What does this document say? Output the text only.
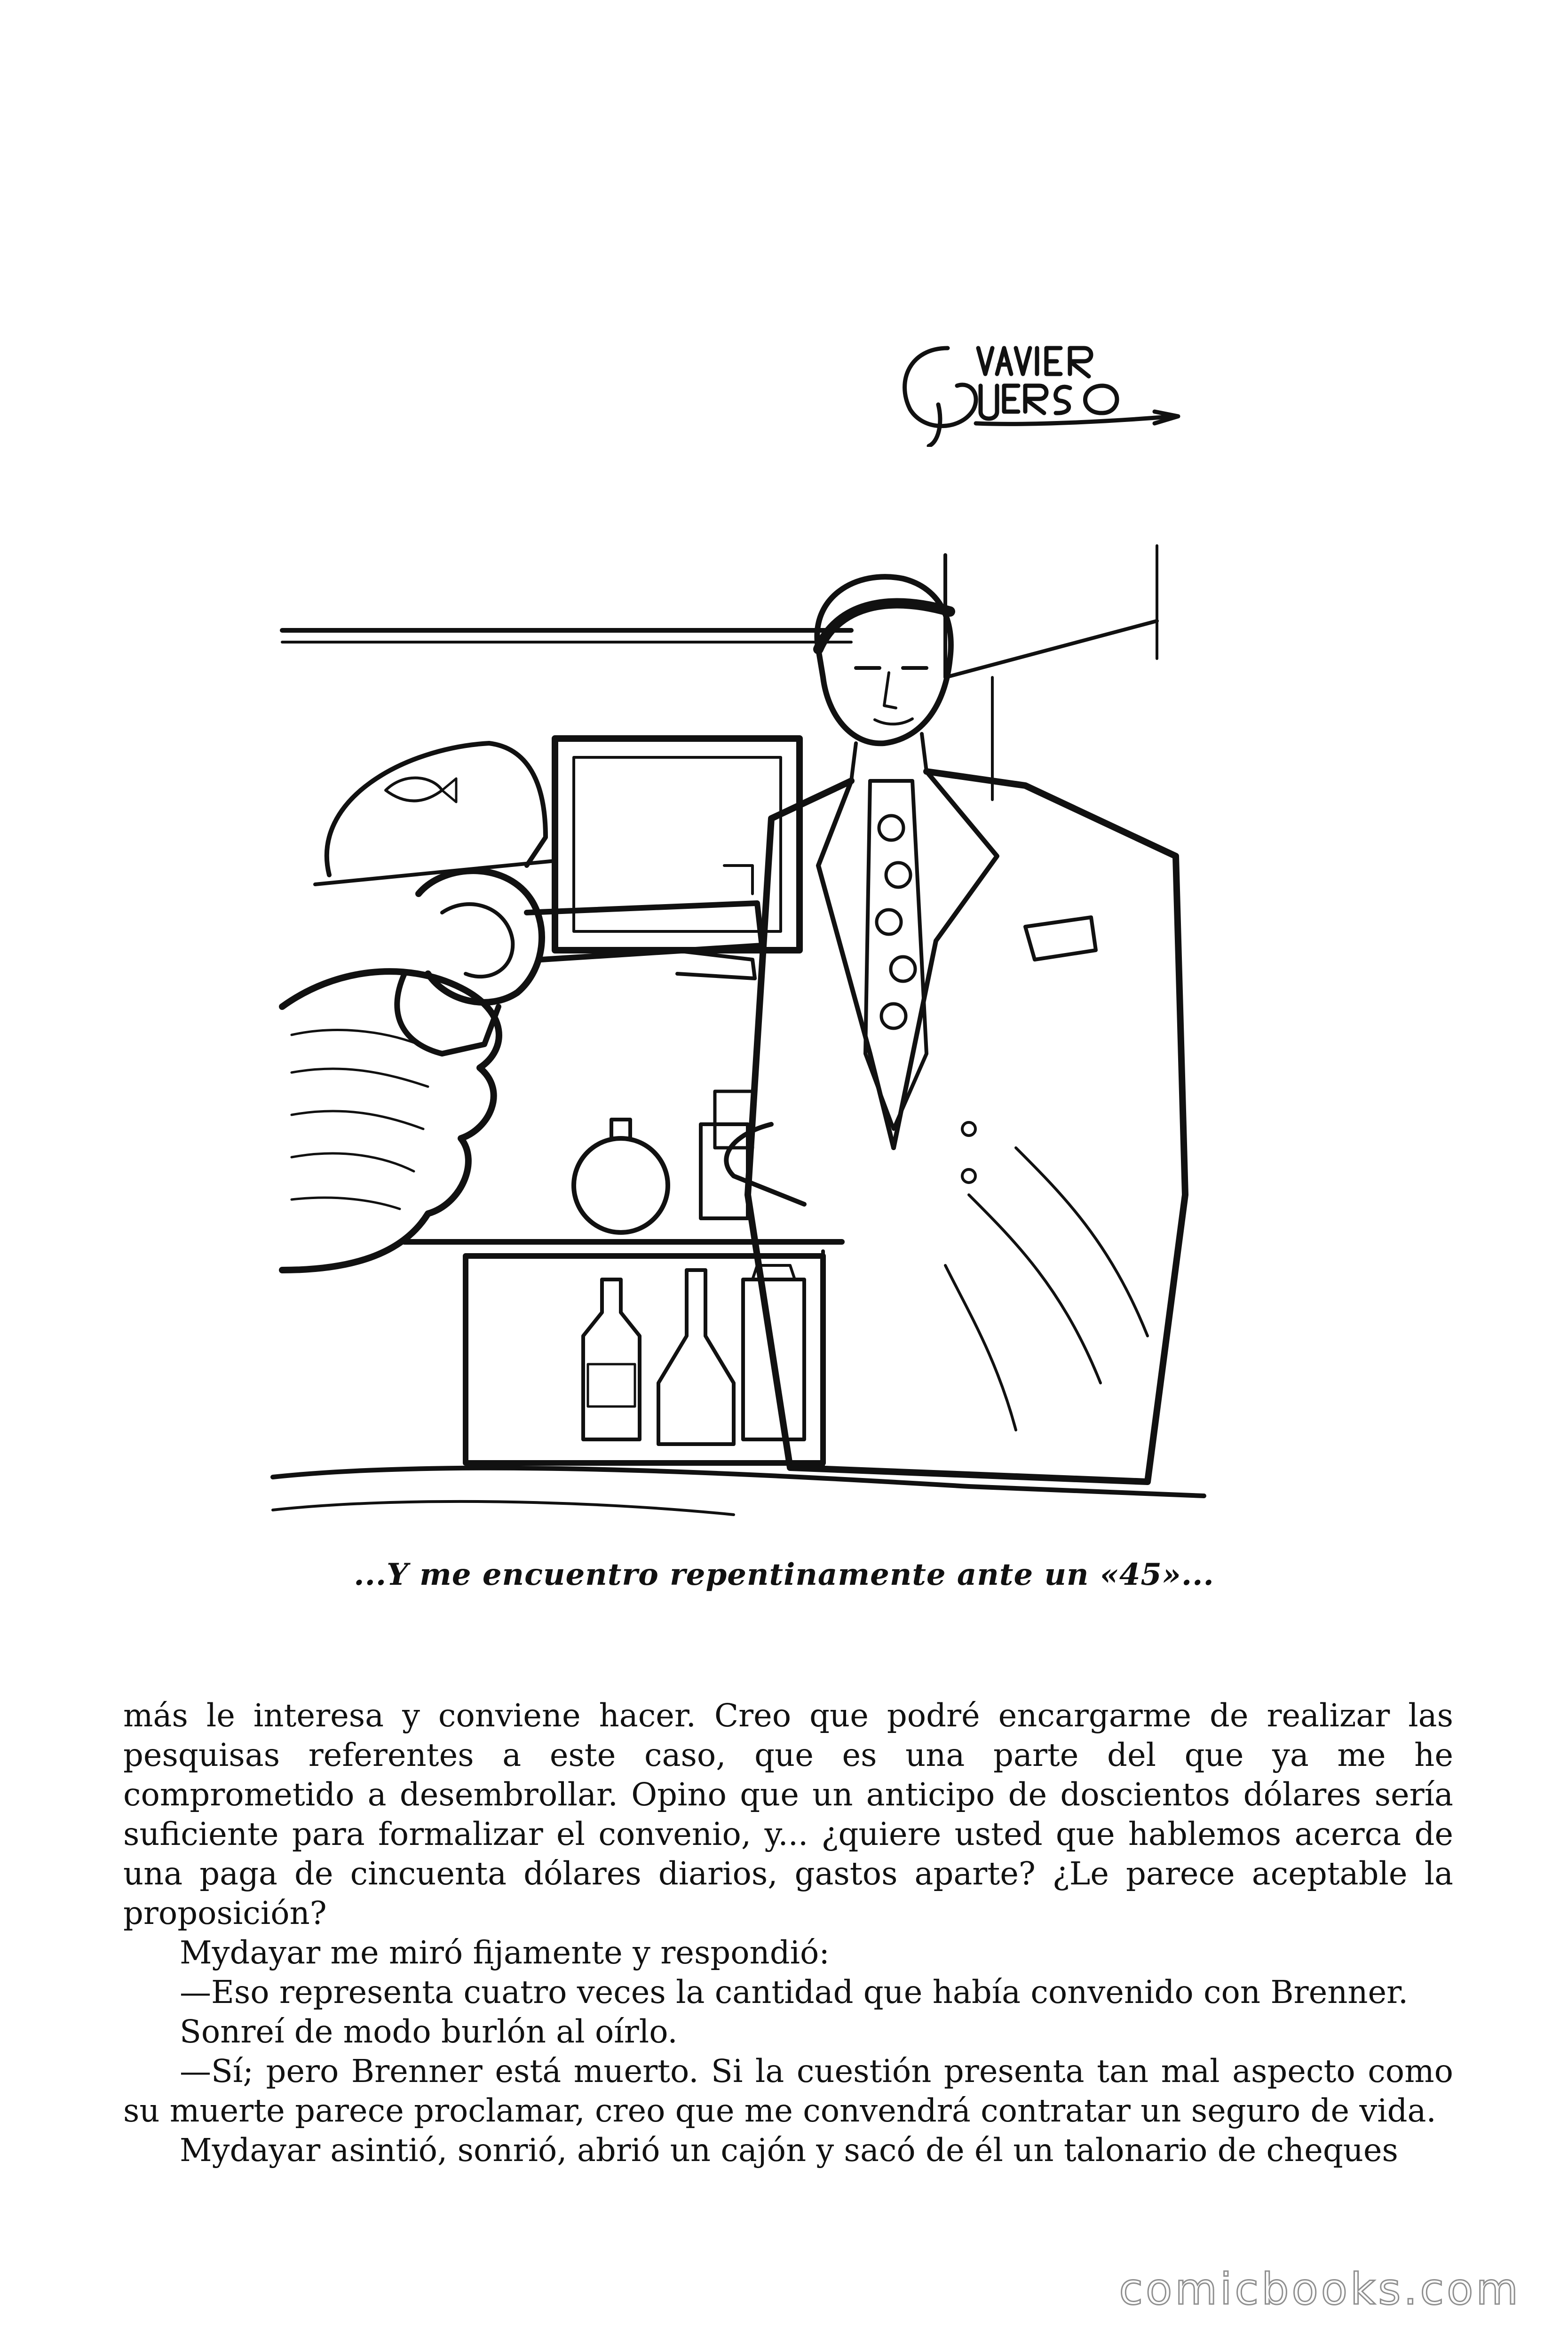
...Y me encuentro repentinamente ante un «45»...

más le interesa y conviene hacer. Creo que podré encargarme de realizar las pesquisas referentes a este caso, que es una parte del que ya me he comprometido a desembrollar. Opino que un anticipo de doscientos dólares sería suficiente para formalizar el convenio, y... ¿quiere usted que hablemos acerca de una paga de cincuenta dólares diarios, gastos aparte? ¿Le parece aceptable la proposición?

Mydayar me miró fijamente y respondió:

—Eso representa cuatro veces la cantidad que había convenido con Brenner.

Sonreí de modo burlón al oírlo.

—Sí; pero Brenner está muerto. Si la cuestión presenta tan mal aspecto como su muerte parece proclamar, creo que me convendrá contratar un seguro de vida.

Mydayar asintió, sonrió, abrió un cajón y sacó de él un talonario de cheques

comicbooks.com
